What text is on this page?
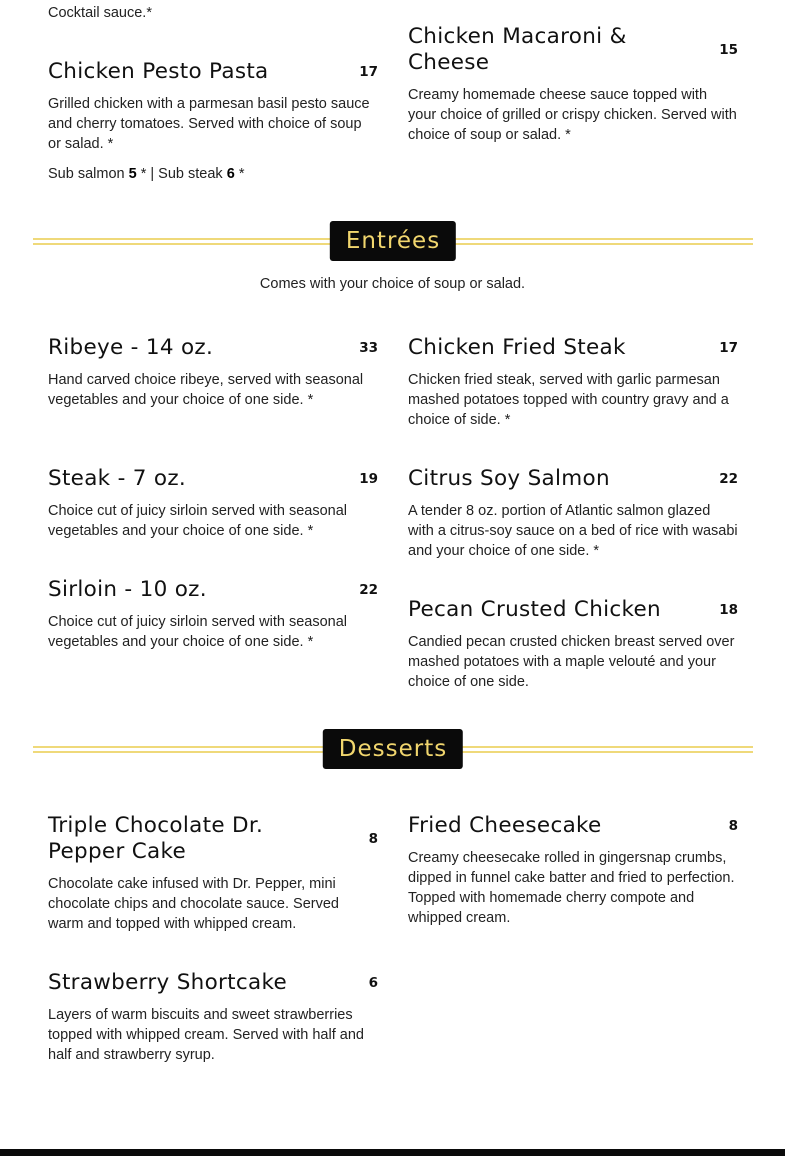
Cocktail sauce.*
Chicken Pesto Pasta	17
Grilled chicken with a parmesan basil pesto sauce and cherry tomatoes. Served with choice of soup or salad. *
Sub salmon 5 * | Sub steak 6 *
Chicken Macaroni & Cheese	15
Creamy homemade cheese sauce topped with your choice of grilled or crispy chicken. Served with choice of soup or salad. *
Entrées
Comes with your choice of soup or salad.
Ribeye - 14 oz.	33
Hand carved choice ribeye, served with seasonal vegetables and your choice of one side. *
Chicken Fried Steak	17
Chicken fried steak, served with garlic parmesan mashed potatoes topped with country gravy and a choice of side. *
Steak - 7 oz.	19
Choice cut of juicy sirloin served with seasonal vegetables and your choice of one side. *
Citrus Soy Salmon	22
A tender 8 oz. portion of Atlantic salmon glazed with a citrus-soy sauce on a bed of rice with wasabi and your choice of one side. *
Sirloin - 10 oz.	22
Choice cut of juicy sirloin served with seasonal vegetables and your choice of one side. *
Pecan Crusted Chicken	18
Candied pecan crusted chicken breast served over mashed potatoes with a maple velouté and your choice of one side.
Desserts
Triple Chocolate Dr. Pepper Cake	8
Chocolate cake infused with Dr. Pepper, mini chocolate chips and chocolate sauce. Served warm and topped with whipped cream.
Fried Cheesecake	8
Creamy cheesecake rolled in gingersnap crumbs, dipped in funnel cake batter and fried to perfection. Topped with homemade cherry compote and whipped cream.
Strawberry Shortcake	6
Layers of warm biscuits and sweet strawberries topped with whipped cream. Served with half and half and strawberry syrup.
